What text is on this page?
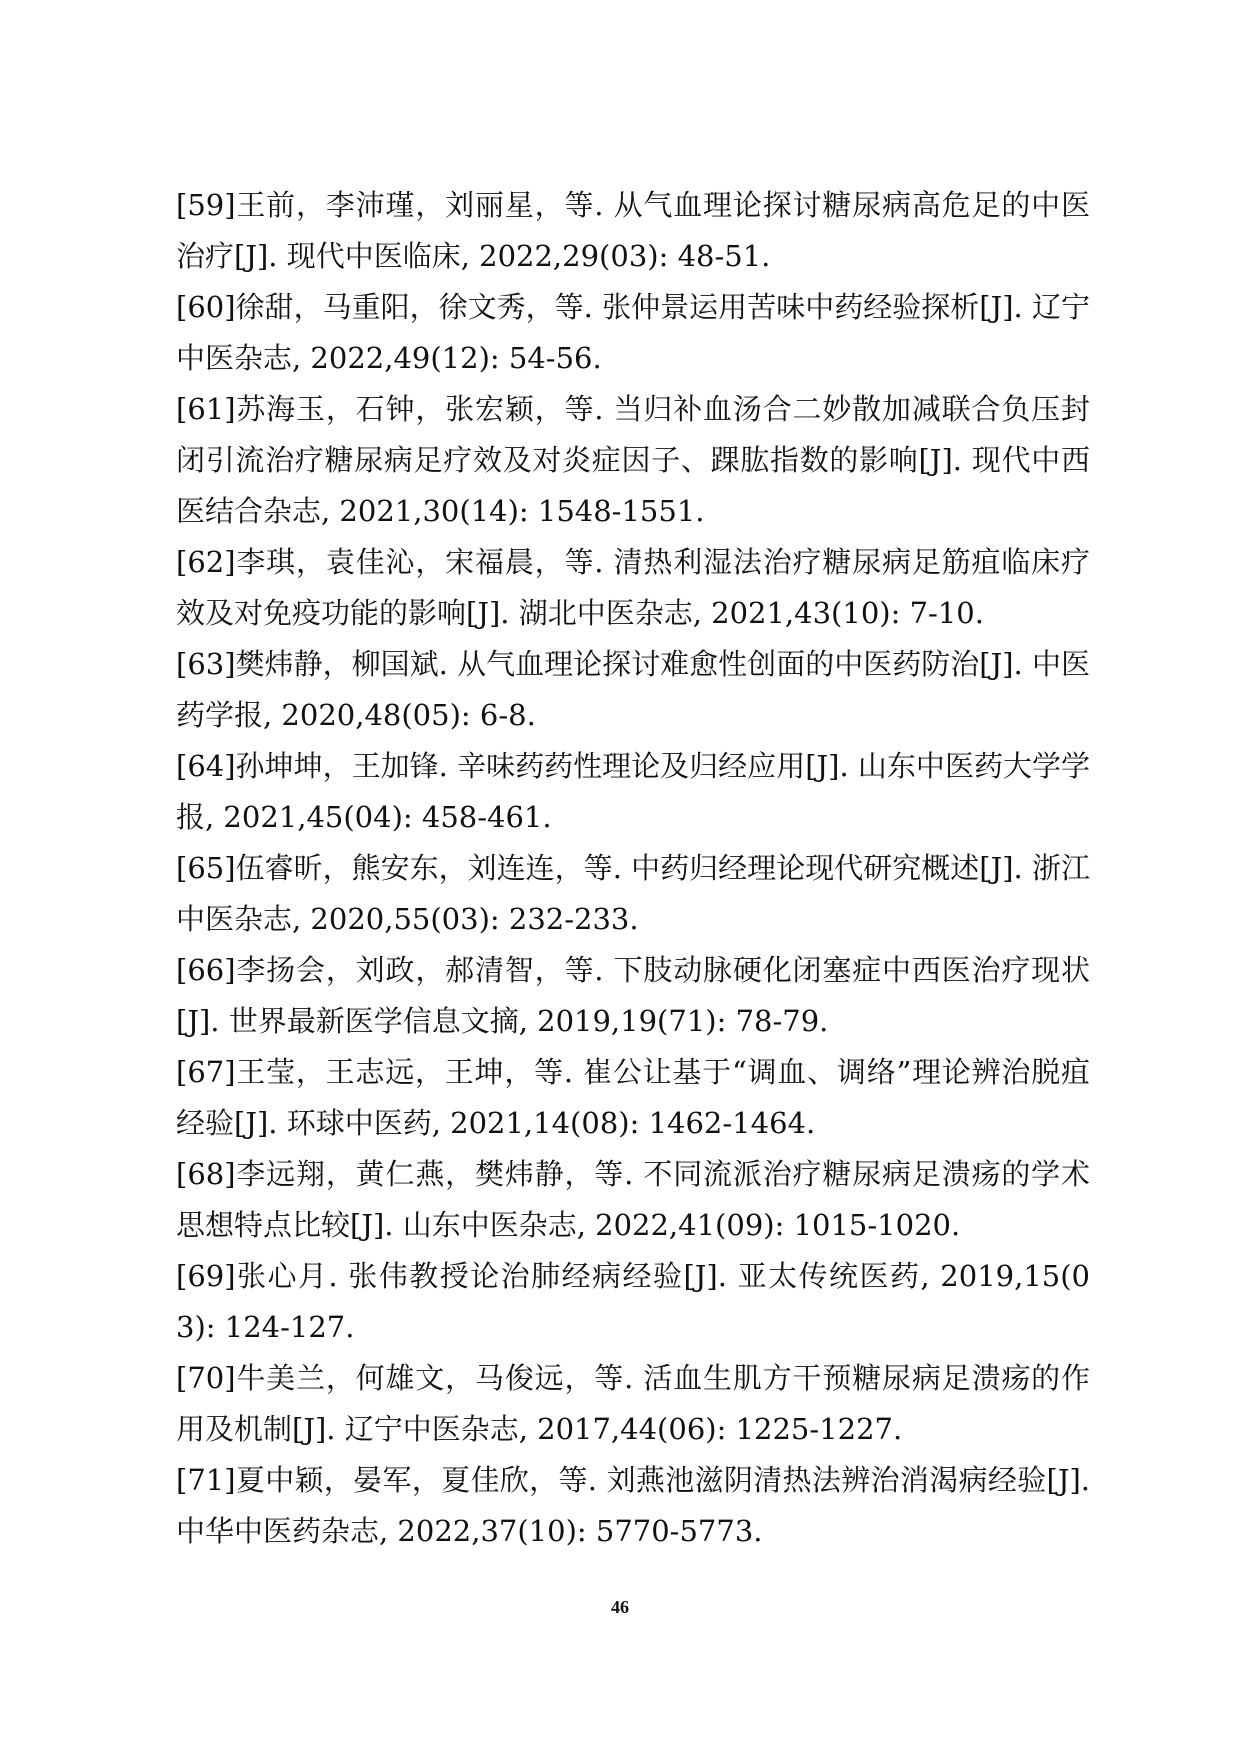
[59]王前，李沛瑾，刘丽星，等. 从气血理论探讨糖尿病高危足的中医治疗[J]. 现代中医临床, 2022,29(03): 48-51.
[60]徐甜，马重阳，徐文秀，等. 张仲景运用苦味中药经验探析[J]. 辽宁中医杂志, 2022,49(12): 54-56.
[61]苏海玉，石钟，张宏颖，等. 当归补血汤合二妙散加减联合负压封闭引流治疗糖尿病足疗效及对炎症因子、踝肱指数的影响[J]. 现代中西医结合杂志, 2021,30(14): 1548-1551.
[62]李琪，袁佳沁，宋福晨，等. 清热利湿法治疗糖尿病足筋疽临床疗效及对免疫功能的影响[J]. 湖北中医杂志, 2021,43(10): 7-10.
[63]樊炜静，柳国斌. 从气血理论探讨难愈性创面的中医药防治[J]. 中医药学报, 2020,48(05): 6-8.
[64]孙坤坤，王加锋. 辛味药药性理论及归经应用[J]. 山东中医药大学学报, 2021,45(04): 458-461.
[65]伍睿昕，熊安东，刘连连，等. 中药归经理论现代研究概述[J]. 浙江中医杂志, 2020,55(03): 232-233.
[66]李扬会，刘政，郝清智，等. 下肢动脉硬化闭塞症中西医治疗现状[J]. 世界最新医学信息文摘, 2019,19(71): 78-79.
[67]王莹，王志远，王坤，等. 崔公让基于“调血、调络”理论辨治脱疽经验[J]. 环球中医药, 2021,14(08): 1462-1464.
[68]李远翔，黄仁燕，樊炜静，等. 不同流派治疗糖尿病足溃疡的学术思想特点比较[J]. 山东中医杂志, 2022,41(09): 1015-1020.
[69]张心月. 张伟教授论治肺经病经验[J]. 亚太传统医药, 2019,15(03): 124-127.
[70]牛美兰，何雄文，马俊远，等. 活血生肌方干预糖尿病足溃疡的作用及机制[J]. 辽宁中医杂志, 2017,44(06): 1225-1227.
[71]夏中颖，晏军，夏佳欣，等. 刘燕池滋阴清热法辨治消渴病经验[J]. 中华中医药杂志, 2022,37(10): 5770-5773.
46
